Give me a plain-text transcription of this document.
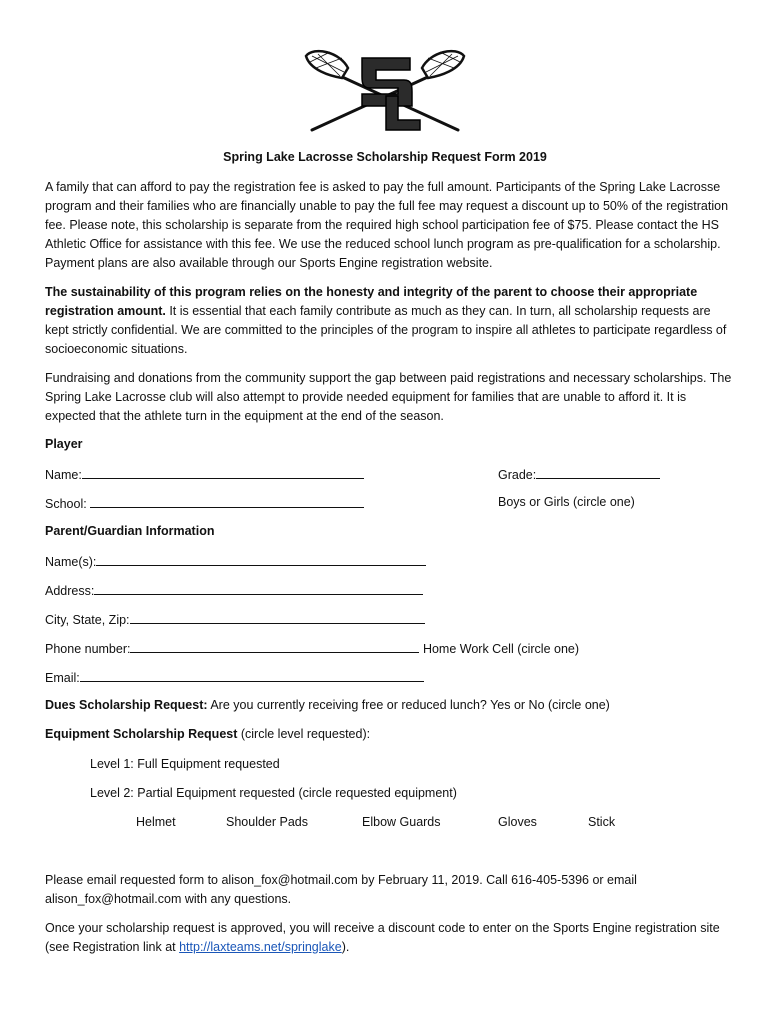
Spring Lake Lacrosse Scholarship Request Form 2019
A family that can afford to pay the registration fee is asked to pay the full amount. Participants of the Spring Lake Lacrosse program and their families who are financially unable to pay the full fee may request a discount up to 50% of the registration fee. Please note, this scholarship is separate from the required high school participation fee of $75. Please contact the HS Athletic Office for assistance with this fee. We use the reduced school lunch program as pre-qualification for a scholarship. Payment plans are also available through our Sports Engine registration website.
The sustainability of this program relies on the honesty and integrity of the parent to choose their appropriate registration amount. It is essential that each family contribute as much as they can. In turn, all scholarship requests are kept strictly confidential. We are committed to the principles of the program to inspire all athletes to participate regardless of socioeconomic situations.
Fundraising and donations from the community support the gap between paid registrations and necessary scholarships. The Spring Lake Lacrosse club will also attempt to provide needed equipment for families that are unable to afford it. It is expected that the athlete turn in the equipment at the end of the season.
Player
Name:	Grade:
School:	Boys or Girls (circle one)
Parent/Guardian Information
Name(s):
Address:
City, State, Zip:
Phone number:	Home Work Cell (circle one)
Email:
Dues Scholarship Request: Are you currently receiving free or reduced lunch? Yes or No (circle one)
Equipment Scholarship Request (circle level requested):
Level 1: Full Equipment requested
Level 2: Partial Equipment requested (circle requested equipment)
Helmet	Shoulder Pads	Elbow Guards	Gloves	Stick
Please email requested form to alison_fox@hotmail.com by February 11, 2019. Call 616-405-5396 or email alison_fox@hotmail.com with any questions.
Once your scholarship request is approved, you will receive a discount code to enter on the Sports Engine registration site (see Registration link at http://laxteams.net/springlake).
